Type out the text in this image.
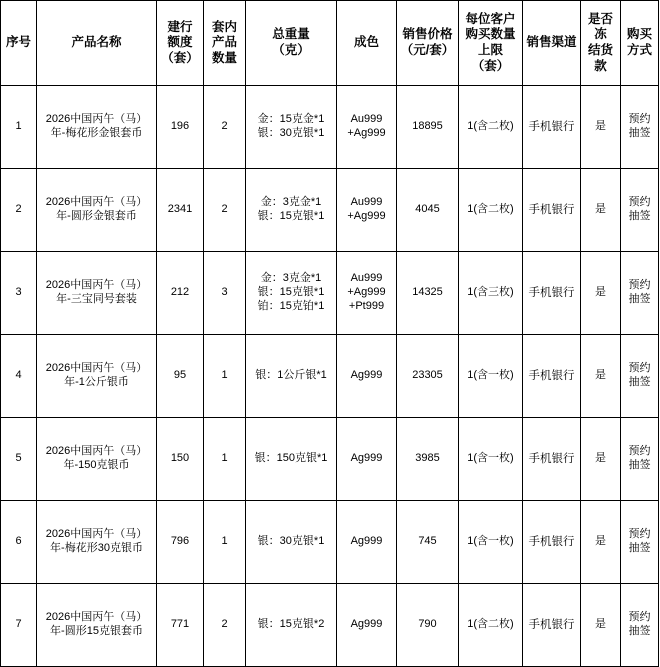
序号	产品名称	建行
额度
（套）	套内
产品
数量	总重量
（克）	成色	销售价格
（元/套）	每位客户
购买数量
上限
（套）	销售渠道	是否冻
结货款	购买
方式

1	2026中国丙午（马）年-梅花形金银套币	196	2	金：15克金*1
银：30克银*1	Au999
+Ag999	18895	1(含二枚)	手机银行	是	预约
抽签

2	2026中国丙午（马）年-圆形金银套币	2341	2	金：3克金*1
银：15克银*1	Au999
+Ag999	4045	1(含二枚)	手机银行	是	预约
抽签

3	2026中国丙午（马）年-三宝同号套装	212	3	金：3克金*1
银：15克银*1
铂：15克铂*1	Au999
+Ag999
+Pt999	14325	1(含三枚)	手机银行	是	预约
抽签

4	2026中国丙午（马）年-1公斤银币	95	1	银：1公斤银*1	Ag999	23305	1(含一枚)	手机银行	是	预约
抽签

5	2026中国丙午（马）年-150克银币	150	1	银：150克银*1	Ag999	3985	1(含一枚)	手机银行	是	预约
抽签

6	2026中国丙午（马）年-梅花形30克银币	796	1	银：30克银*1	Ag999	745	1(含一枚)	手机银行	是	预约
抽签

7	2026中国丙午（马）年-圆形15克银套币	771	2	银：15克银*2	Ag999	790	1(含二枚)	手机银行	是	预约
抽签
